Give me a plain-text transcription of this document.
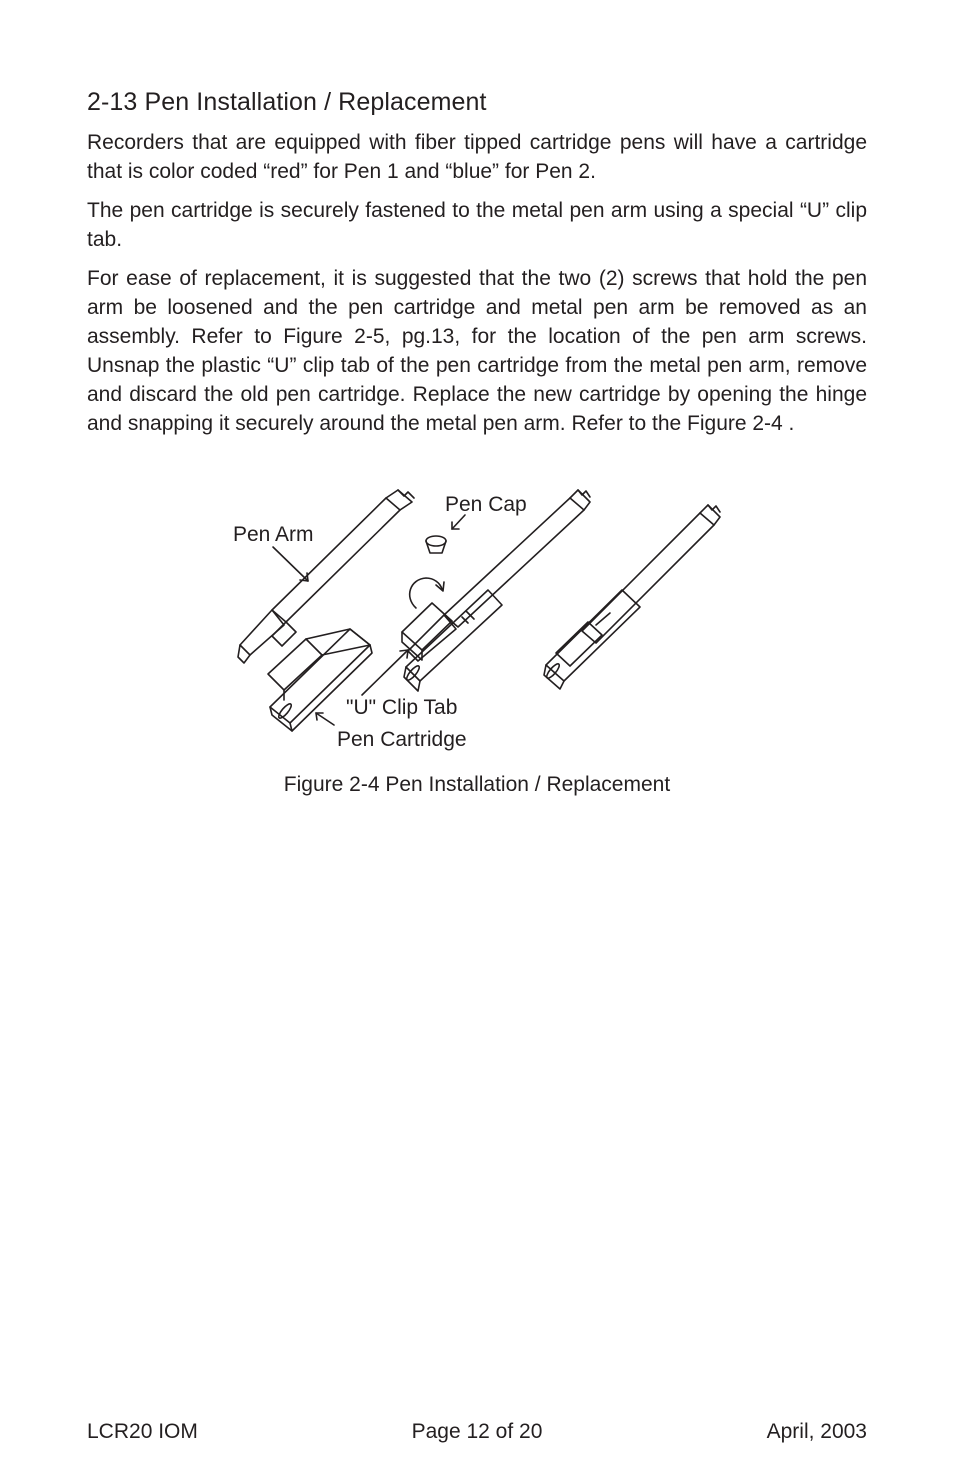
2-13 Pen Installation / Replacement

Recorders that are equipped with fiber tipped cartridge pens will have a cartridge that is color coded “red” for Pen 1 and “blue” for Pen 2.

The pen cartridge is securely fastened to the metal pen arm using a special “U” clip tab.

For ease of replacement, it is suggested that the two (2) screws that hold the pen arm be loosened and the pen cartridge and metal pen arm be removed as an assembly. Refer to Figure 2-5, pg.13, for the location of the pen arm screws. Unsnap the plastic “U” clip tab of the pen cartridge from the metal pen arm, remove and discard the old pen cartridge. Replace the new cartridge by opening the hinge and snapping it securely around the metal pen arm. Refer to the Figure 2-4 .

Pen Arm
Pen Cap
"U" Clip Tab
Pen Cartridge
Figure 2-4 Pen Installation / Replacement
LCR20 IOM	Page 12 of 20	April, 2003
